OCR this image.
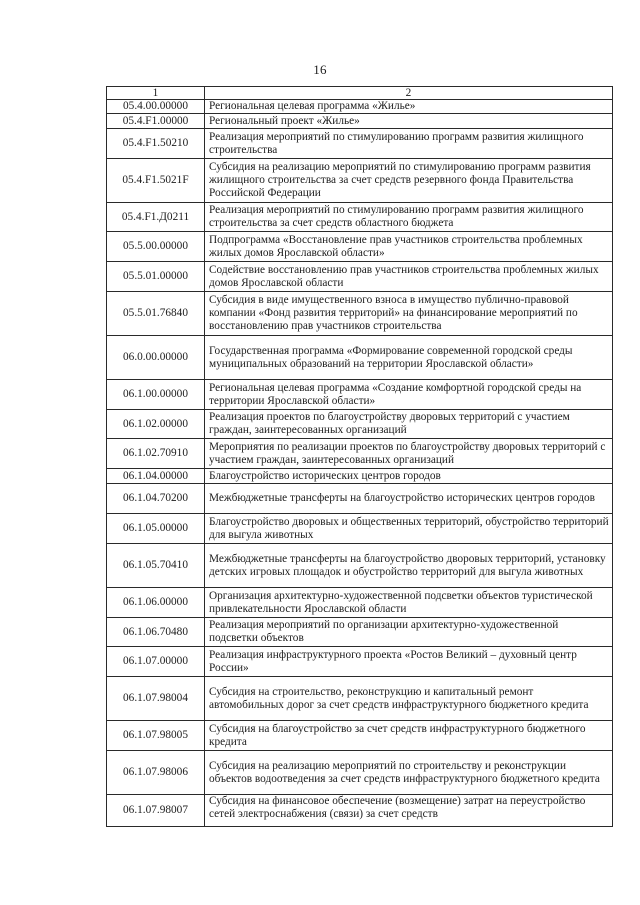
16
1	2
05.4.00.00000	Региональная целевая программа «Жилье»
05.4.F1.00000	Региональный проект «Жилье»
05.4.F1.50210	Реализация мероприятий по стимулированию программ развития жилищного строительства
05.4.F1.5021F	Субсидия на реализацию мероприятий по стимулированию программ развития жилищного строительства за счет средств резервного фонда Правительства Российской Федерации
05.4.F1.Д0211	Реализация мероприятий по стимулированию программ развития жилищного строительства за счет средств областного бюджета
05.5.00.00000	Подпрограмма «Восстановление прав участников строительства проблемных жилых домов Ярославской области»
05.5.01.00000	Содействие восстановлению прав участников строительства проблемных жилых домов Ярославской области
05.5.01.76840	Субсидия в виде имущественного взноса в имущество публично-правовой компании «Фонд развития территорий» на финансирование мероприятий по восстановлению прав участников строительства
06.0.00.00000	Государственная программа «Формирование современной городской среды муниципальных образований на территории Ярославской области»
06.1.00.00000	Региональная целевая программа «Создание комфортной городской среды на территории Ярославской области»
06.1.02.00000	Реализация проектов по благоустройству дворовых территорий с участием граждан, заинтересованных организаций
06.1.02.70910	Мероприятия по реализации проектов по благоустройству дворовых территорий с участием граждан, заинтересованных организаций
06.1.04.00000	Благоустройство исторических центров городов
06.1.04.70200	Межбюджетные трансферты на благоустройство исторических центров городов
06.1.05.00000	Благоустройство дворовых и общественных территорий, обустройство территорий для выгула животных
06.1.05.70410	Межбюджетные трансферты на благоустройство дворовых территорий, установку детских игровых площадок и обустройство территорий для выгула животных
06.1.06.00000	Организация архитектурно-художественной подсветки объектов туристической привлекательности Ярославской области
06.1.06.70480	Реализация мероприятий по организации архитектурно-художественной подсветки объектов
06.1.07.00000	Реализация инфраструктурного проекта «Ростов Великий – духовный центр России»
06.1.07.98004	Субсидия на строительство, реконструкцию и капитальный ремонт автомобильных дорог за счет средств инфраструктурного бюджетного кредита
06.1.07.98005	Субсидия на благоустройство за счет средств инфраструктурного бюджетного кредита
06.1.07.98006	Субсидия на реализацию мероприятий по строительству и реконструкции объектов водоотведения за счет средств инфраструктурного бюджетного кредита
06.1.07.98007	Субсидия на финансовое обеспечение (возмещение) затрат на переустройство сетей электроснабжения (связи) за счет средств
